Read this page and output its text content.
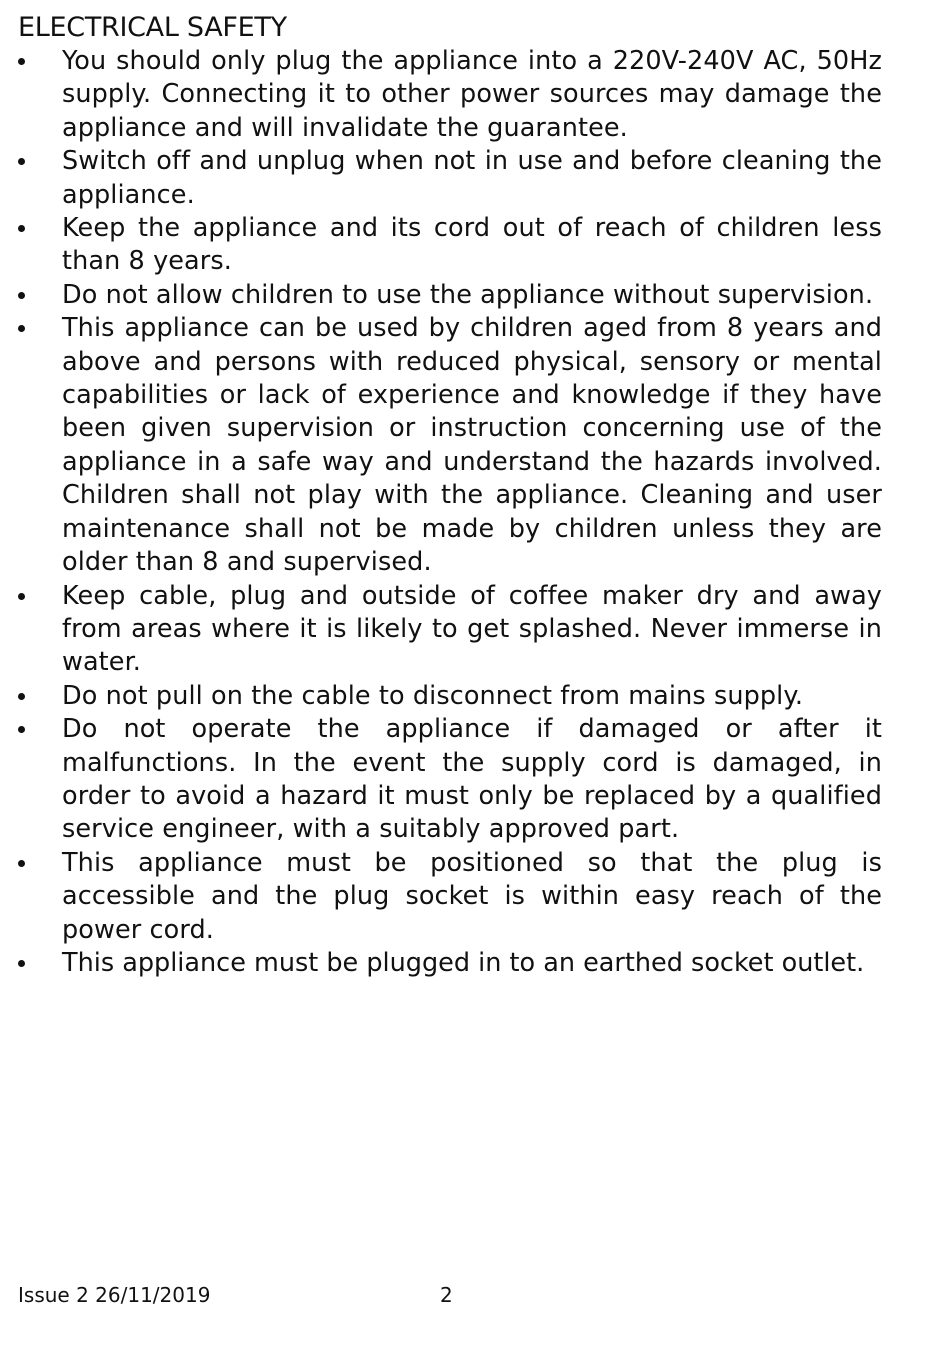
ELECTRICAL SAFETY
You should only plug the appliance into a 220V-240V AC, 50Hz supply. Connecting it to other power sources may damage the appliance and will invalidate the guarantee.
Switch off and unplug when not in use and before cleaning the appliance.
Keep the appliance and its cord out of reach of children less than 8 years.
Do not allow children to use the appliance without supervision.
This appliance can be used by children aged from 8 years and above and persons with reduced physical, sensory or mental capabilities or lack of experience and knowledge if they have been given supervision or instruction concerning use of the appliance in a safe way and understand the hazards involved. Children shall not play with the appliance. Cleaning and user maintenance shall not be made by children unless they are older than 8 and supervised.
Keep cable, plug and outside of coffee maker dry and away from areas where it is likely to get splashed. Never immerse in water.
Do not pull on the cable to disconnect from mains supply.
Do not operate the appliance if damaged or after it malfunctions. In the event the supply cord is damaged, in order to avoid a hazard it must only be replaced by a qualified service engineer, with a suitably approved part.
This appliance must be positioned so that the plug is accessible and the plug socket is within easy reach of the power cord.
This appliance must be plugged in to an earthed socket outlet.
Issue 2 26/11/2019	2
